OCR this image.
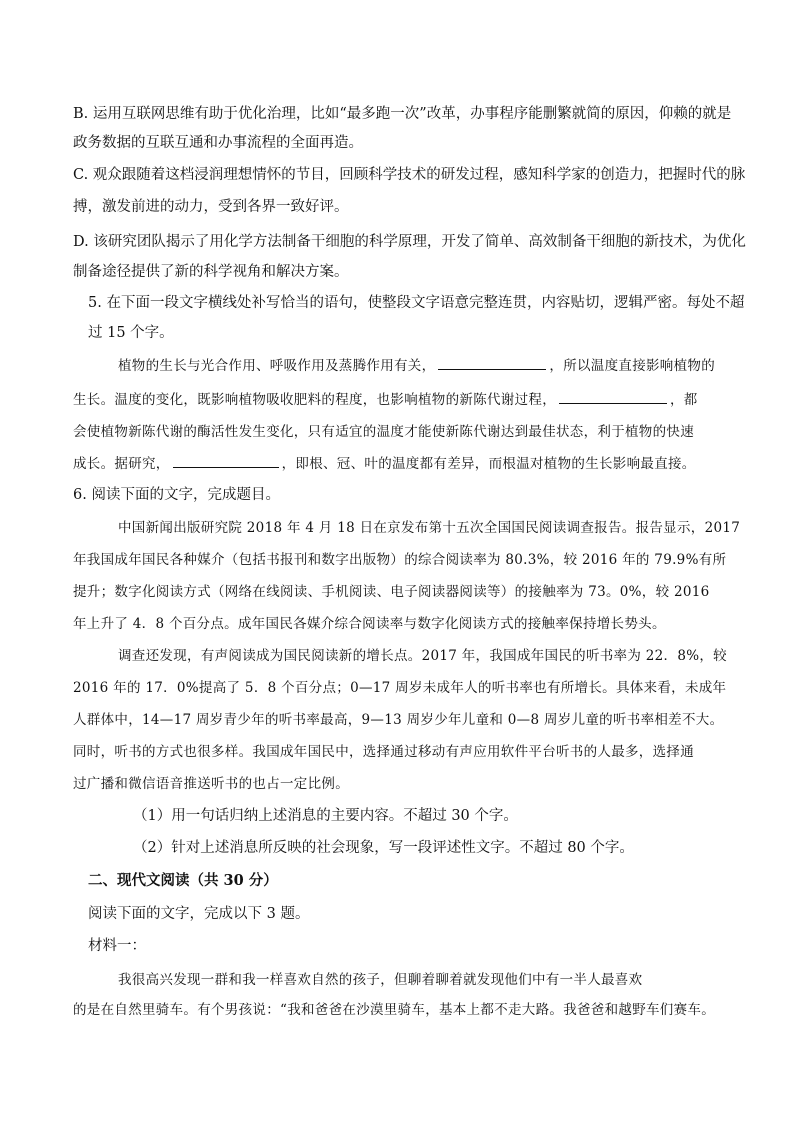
B. 运用互联网思维有助于优化治理，比如“最多跑一次”改革，办事程序能删繁就简的原因，仰赖的就是
政务数据的互联互通和办事流程的全面再造。
C. 观众跟随着这档浸润理想情怀的节目，回顾科学技术的研发过程，感知科学家的创造力，把握时代的脉
搏，激发前进的动力，受到各界一致好评。
D. 该研究团队揭示了用化学方法制备干细胞的科学原理，开发了简单、高效制备干细胞的新技术，为优化
制备途径提供了新的科学视角和解决方案。
5. 在下面一段文字横线处补写恰当的语句，使整段文字语意完整连贯，内容贴切，逻辑严密。每处不超
过 15 个字。
植物的生长与光合作用、呼吸作用及蒸腾作用有关，	，所以温度直接影响植物的
生长。温度的变化，既影响植物吸收肥料的程度，也影响植物的新陈代谢过程，	，都
会使植物新陈代谢的酶活性发生变化，只有适宜的温度才能使新陈代谢达到最佳状态，利于植物的快速
成长。据研究，	，即根、冠、叶的温度都有差异，而根温对植物的生长影响最直接。
6. 阅读下面的文字，完成题目。
中国新闻出版研究院 2018 年 4 月 18 日在京发布第十五次全国国民阅读调查报告。报告显示，2017
年我国成年国民各种媒介（包括书报刊和数字出版物）的综合阅读率为 80.3%，较 2016 年的 79.9%有所
提升；数字化阅读方式（网络在线阅读、手机阅读、电子阅读器阅读等）的接触率为 73。0%，较 2016
年上升了 4．8 个百分点。成年国民各媒介综合阅读率与数字化阅读方式的接触率保持增长势头。
调查还发现，有声阅读成为国民阅读新的增长点。2017 年，我国成年国民的听书率为 22．8%，较
2016 年的 17．0%提高了 5．8 个百分点；0—17 周岁未成年人的听书率也有所增长。具体来看，未成年
人群体中，14—17 周岁青少年的听书率最高，9—13 周岁少年儿童和 0—8 周岁儿童的听书率相差不大。
同时，听书的方式也很多样。我国成年国民中，选择通过移动有声应用软件平台听书的人最多，选择通
过广播和微信语音推送听书的也占一定比例。
（1）用一句话归纳上述消息的主要内容。不超过 30 个字。
（2）针对上述消息所反映的社会现象，写一段评述性文字。不超过 80 个字。
二、现代文阅读（共 30 分）
阅读下面的文字，完成以下 3 题。
材料一：
我很高兴发现一群和我一样喜欢自然的孩子，但聊着聊着就发现他们中有一半人最喜欢
的是在自然里骑车。有个男孩说：“我和爸爸在沙漠里骑车，基本上都不走大路。我爸爸和越野车们赛车。
